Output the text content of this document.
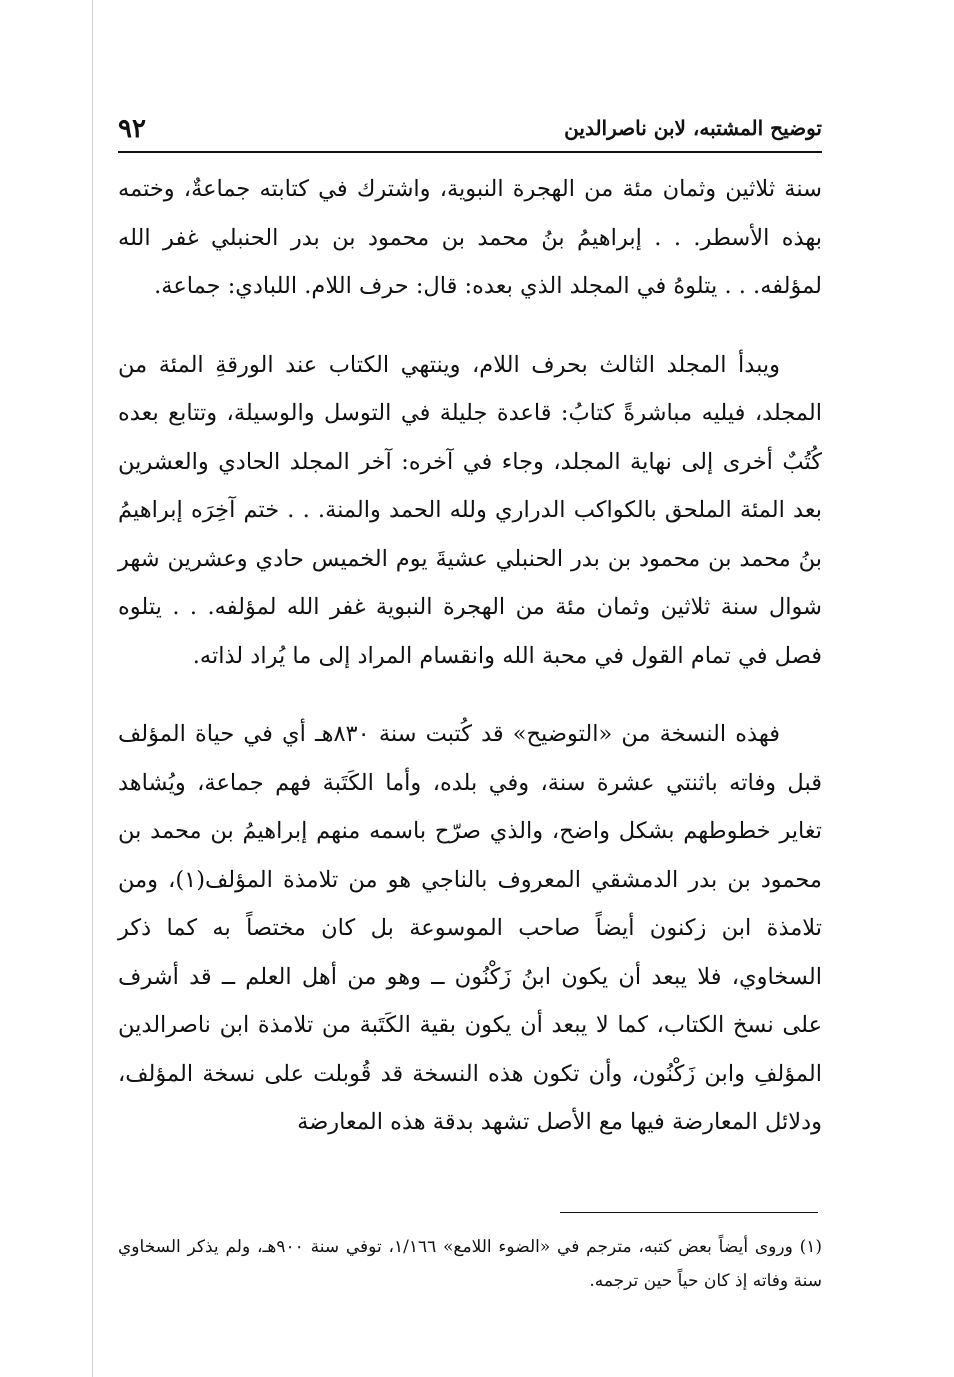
توضيح المشتبه، لابن ناصرالدين
٩٢

سنة ثلاثين وثمان مئة من الهجرة النبوية، واشترك في كتابته جماعةٌ، وختمه بهذه الأسطر. . . إبراهيمُ بنُ محمد بن محمود بن بدر الحنبلي غفر الله لمؤلفه. . . يتلوهُ في المجلد الذي بعده: قال: حرف اللام. اللبادي: جماعة.

ويبدأ المجلد الثالث بحرف اللام، وينتهي الكتاب عند الورقةِ المئة من المجلد، فيليه مباشرةً كتابُ: قاعدة جليلة في التوسل والوسيلة، وتتابع بعده كُتُبٌ أخرى إلى نهاية المجلد، وجاء في آخره: آخر المجلد الحادي والعشرين بعد المئة الملحق بالكواكب الدراري ولله الحمد والمنة. . . ختم آخِرَه إبراهيمُ بنُ محمد بن محمود بن بدر الحنبلي عشيةَ يوم الخميس حادي وعشرين شهر شوال سنة ثلاثين وثمان مئة من الهجرة النبوية غفر الله لمؤلفه. . . يتلوه فصل في تمام القول في محبة الله وانقسام المراد إلى ما يُراد لذاته.

فهذه النسخة من «التوضيح» قد كُتبت سنة ٨٣٠هـ أي في حياة المؤلف قبل وفاته باثنتي عشرة سنة، وفي بلده، وأما الكَتَبة فهم جماعة، ويُشاهد تغاير خطوطهم بشكل واضح، والذي صرّح باسمه منهم إبراهيمُ بن محمد بن محمود بن بدر الدمشقي المعروف بالناجي هو من تلامذة المؤلف(١)، ومن تلامذة ابن زكنون أيضاً صاحب الموسوعة بل كان مختصاً به كما ذكر السخاوي، فلا يبعد أن يكون ابنُ زَكْنُون ــ وهو من أهل العلم ــ قد أشرف على نسخ الكتاب، كما لا يبعد أن يكون بقية الكَتَبة من تلامذة ابن ناصرالدين المؤلفِ وابن زَكْنُون، وأن تكون هذه النسخة قد قُوبلت على نسخة المؤلف، ودلائل المعارضة فيها مع الأصل تشهد بدقة هذه المعارضة

(١) وروى أيضاً بعض كتبه، مترجم في «الضوء اللامع» ١/١٦٦، توفي سنة ٩٠٠هـ، ولم يذكر السخاوي سنة وفاته إذ كان حياً حين ترجمه.
